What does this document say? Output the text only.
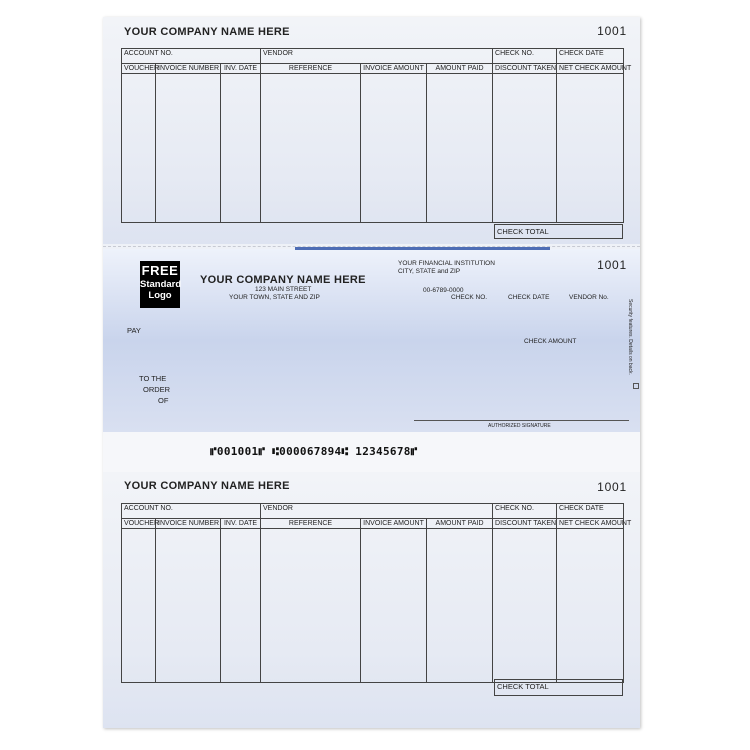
YOUR COMPANY NAME HERE	1001
ACCOUNT NO.			VENDOR			CHECK NO.	CHECK DATE
VOUCHER	INVOICE NUMBER	INV. DATE	REFERENCE	INVOICE AMOUNT	AMOUNT PAID	DISCOUNT TAKEN	NET CHECK AMOUNT

CHECK TOTAL
FREE
Standard
Logo
YOUR COMPANY NAME HERE
123 MAIN STREET
YOUR TOWN, STATE AND ZIP
YOUR FINANCIAL INSTITUTION
CITY, STATE and ZIP
00-6789-0000
1001
CHECK NO.	CHECK DATE	VENDOR No.
CHECK AMOUNT
PAY
TO THE
ORDER
OF
AUTHORIZED SIGNATURE
Security features. Details on back.
⑈001001⑈ ⑆000067894⑆ 12345678⑈
YOUR COMPANY NAME HERE	1001
ACCOUNT NO.			VENDOR			CHECK NO.	CHECK DATE
VOUCHER	INVOICE NUMBER	INV. DATE	REFERENCE	INVOICE AMOUNT	AMOUNT PAID	DISCOUNT TAKEN	NET CHECK AMOUNT

CHECK TOTAL
